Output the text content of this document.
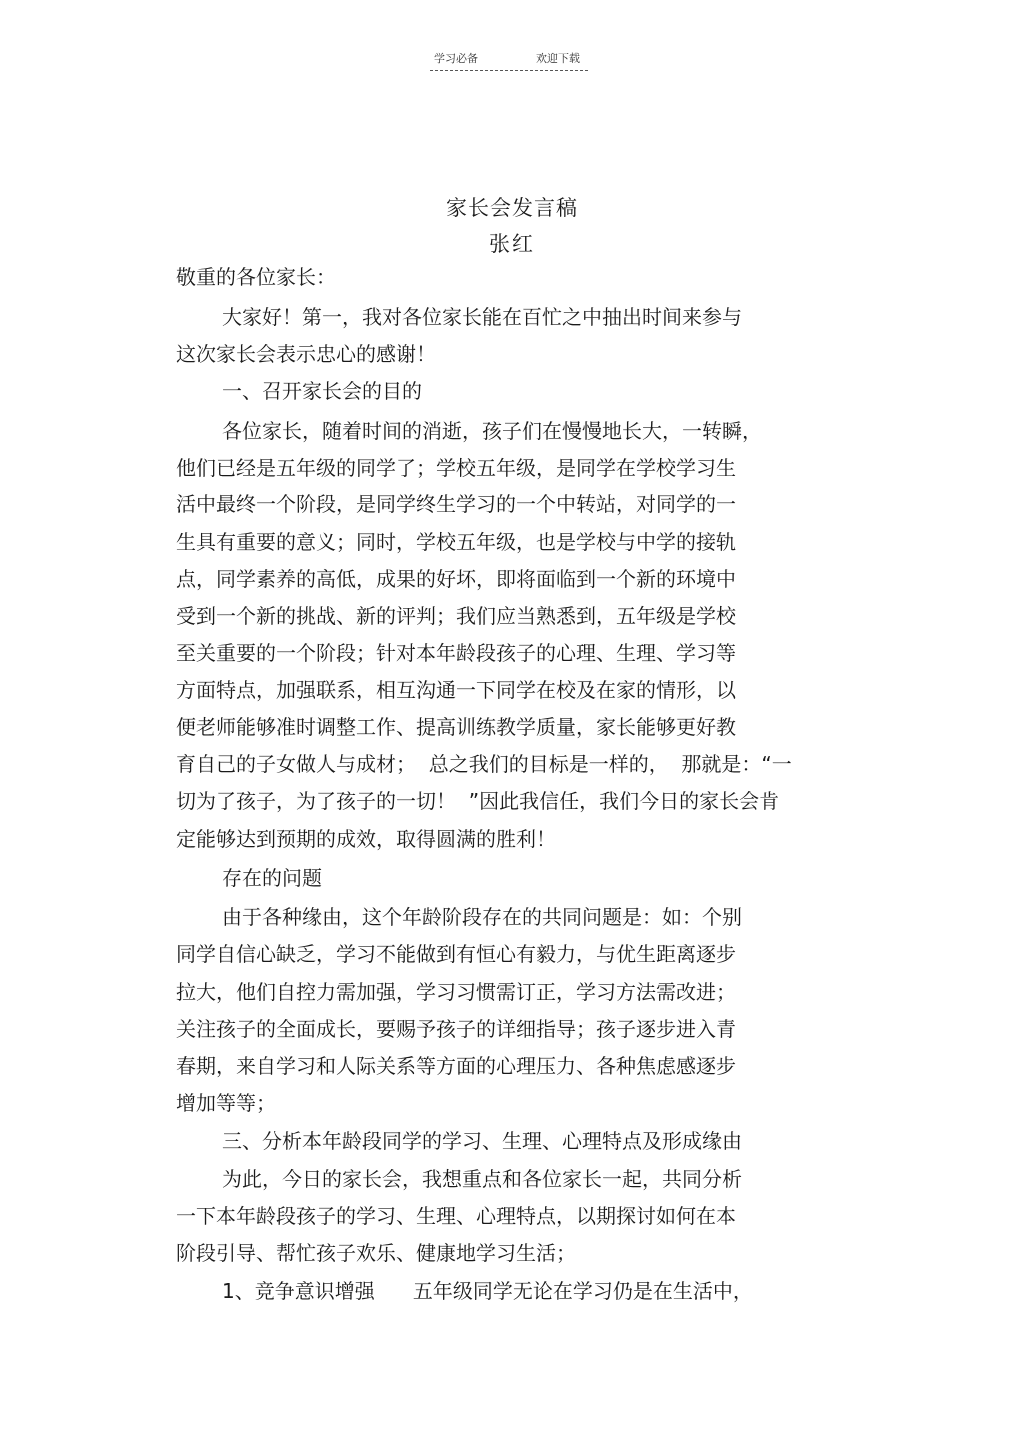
学习必备	欢迎下载
家长会发言稿
张红
敬重的各位家长：
大家好！第一，我对各位家长能在百忙之中抽出时间来参与
这次家长会表示忠心的感谢！
一、召开家长会的目的
各位家长，随着时间的消逝，孩子们在慢慢地长大，一转瞬，
他们已经是五年级的同学了；学校五年级，是同学在学校学习生
活中最终一个阶段，是同学终生学习的一个中转站，对同学的一
生具有重要的意义；同时，学校五年级，也是学校与中学的接轨
点，同学素养的高低，成果的好坏，即将面临到一个新的环境中
受到一个新的挑战、新的评判；我们应当熟悉到，五年级是学校
至关重要的一个阶段；针对本年龄段孩子的心理、生理、学习等
方面特点，加强联系，相互沟通一下同学在校及在家的情形，以
便老师能够准时调整工作、提高训练教学质量，家长能够更好教
育自己的子女做人与成材；  总之我们的目标是一样的，  那就是：“一
切为了孩子，为了孩子的一切！  ”因此我信任，我们今日的家长会肯
定能够达到预期的成效，取得圆满的胜利！
存在的问题
由于各种缘由，这个年龄阶段存在的共同问题是：如：个别
同学自信心缺乏，学习不能做到有恒心有毅力，与优生距离逐步
拉大，他们自控力需加强，学习习惯需订正，学习方法需改进；
关注孩子的全面成长，要赐予孩子的详细指导；孩子逐步进入青
春期，来自学习和人际关系等方面的心理压力、各种焦虑感逐步
增加等等；
三、分析本年龄段同学的学习、生理、心理特点及形成缘由
为此，今日的家长会，我想重点和各位家长一起，共同分析
一下本年龄段孩子的学习、生理、心理特点，以期探讨如何在本
阶段引导、帮忙孩子欢乐、健康地学习生活；
1、竞争意识增强      五年级同学无论在学习仍是在生活中，
